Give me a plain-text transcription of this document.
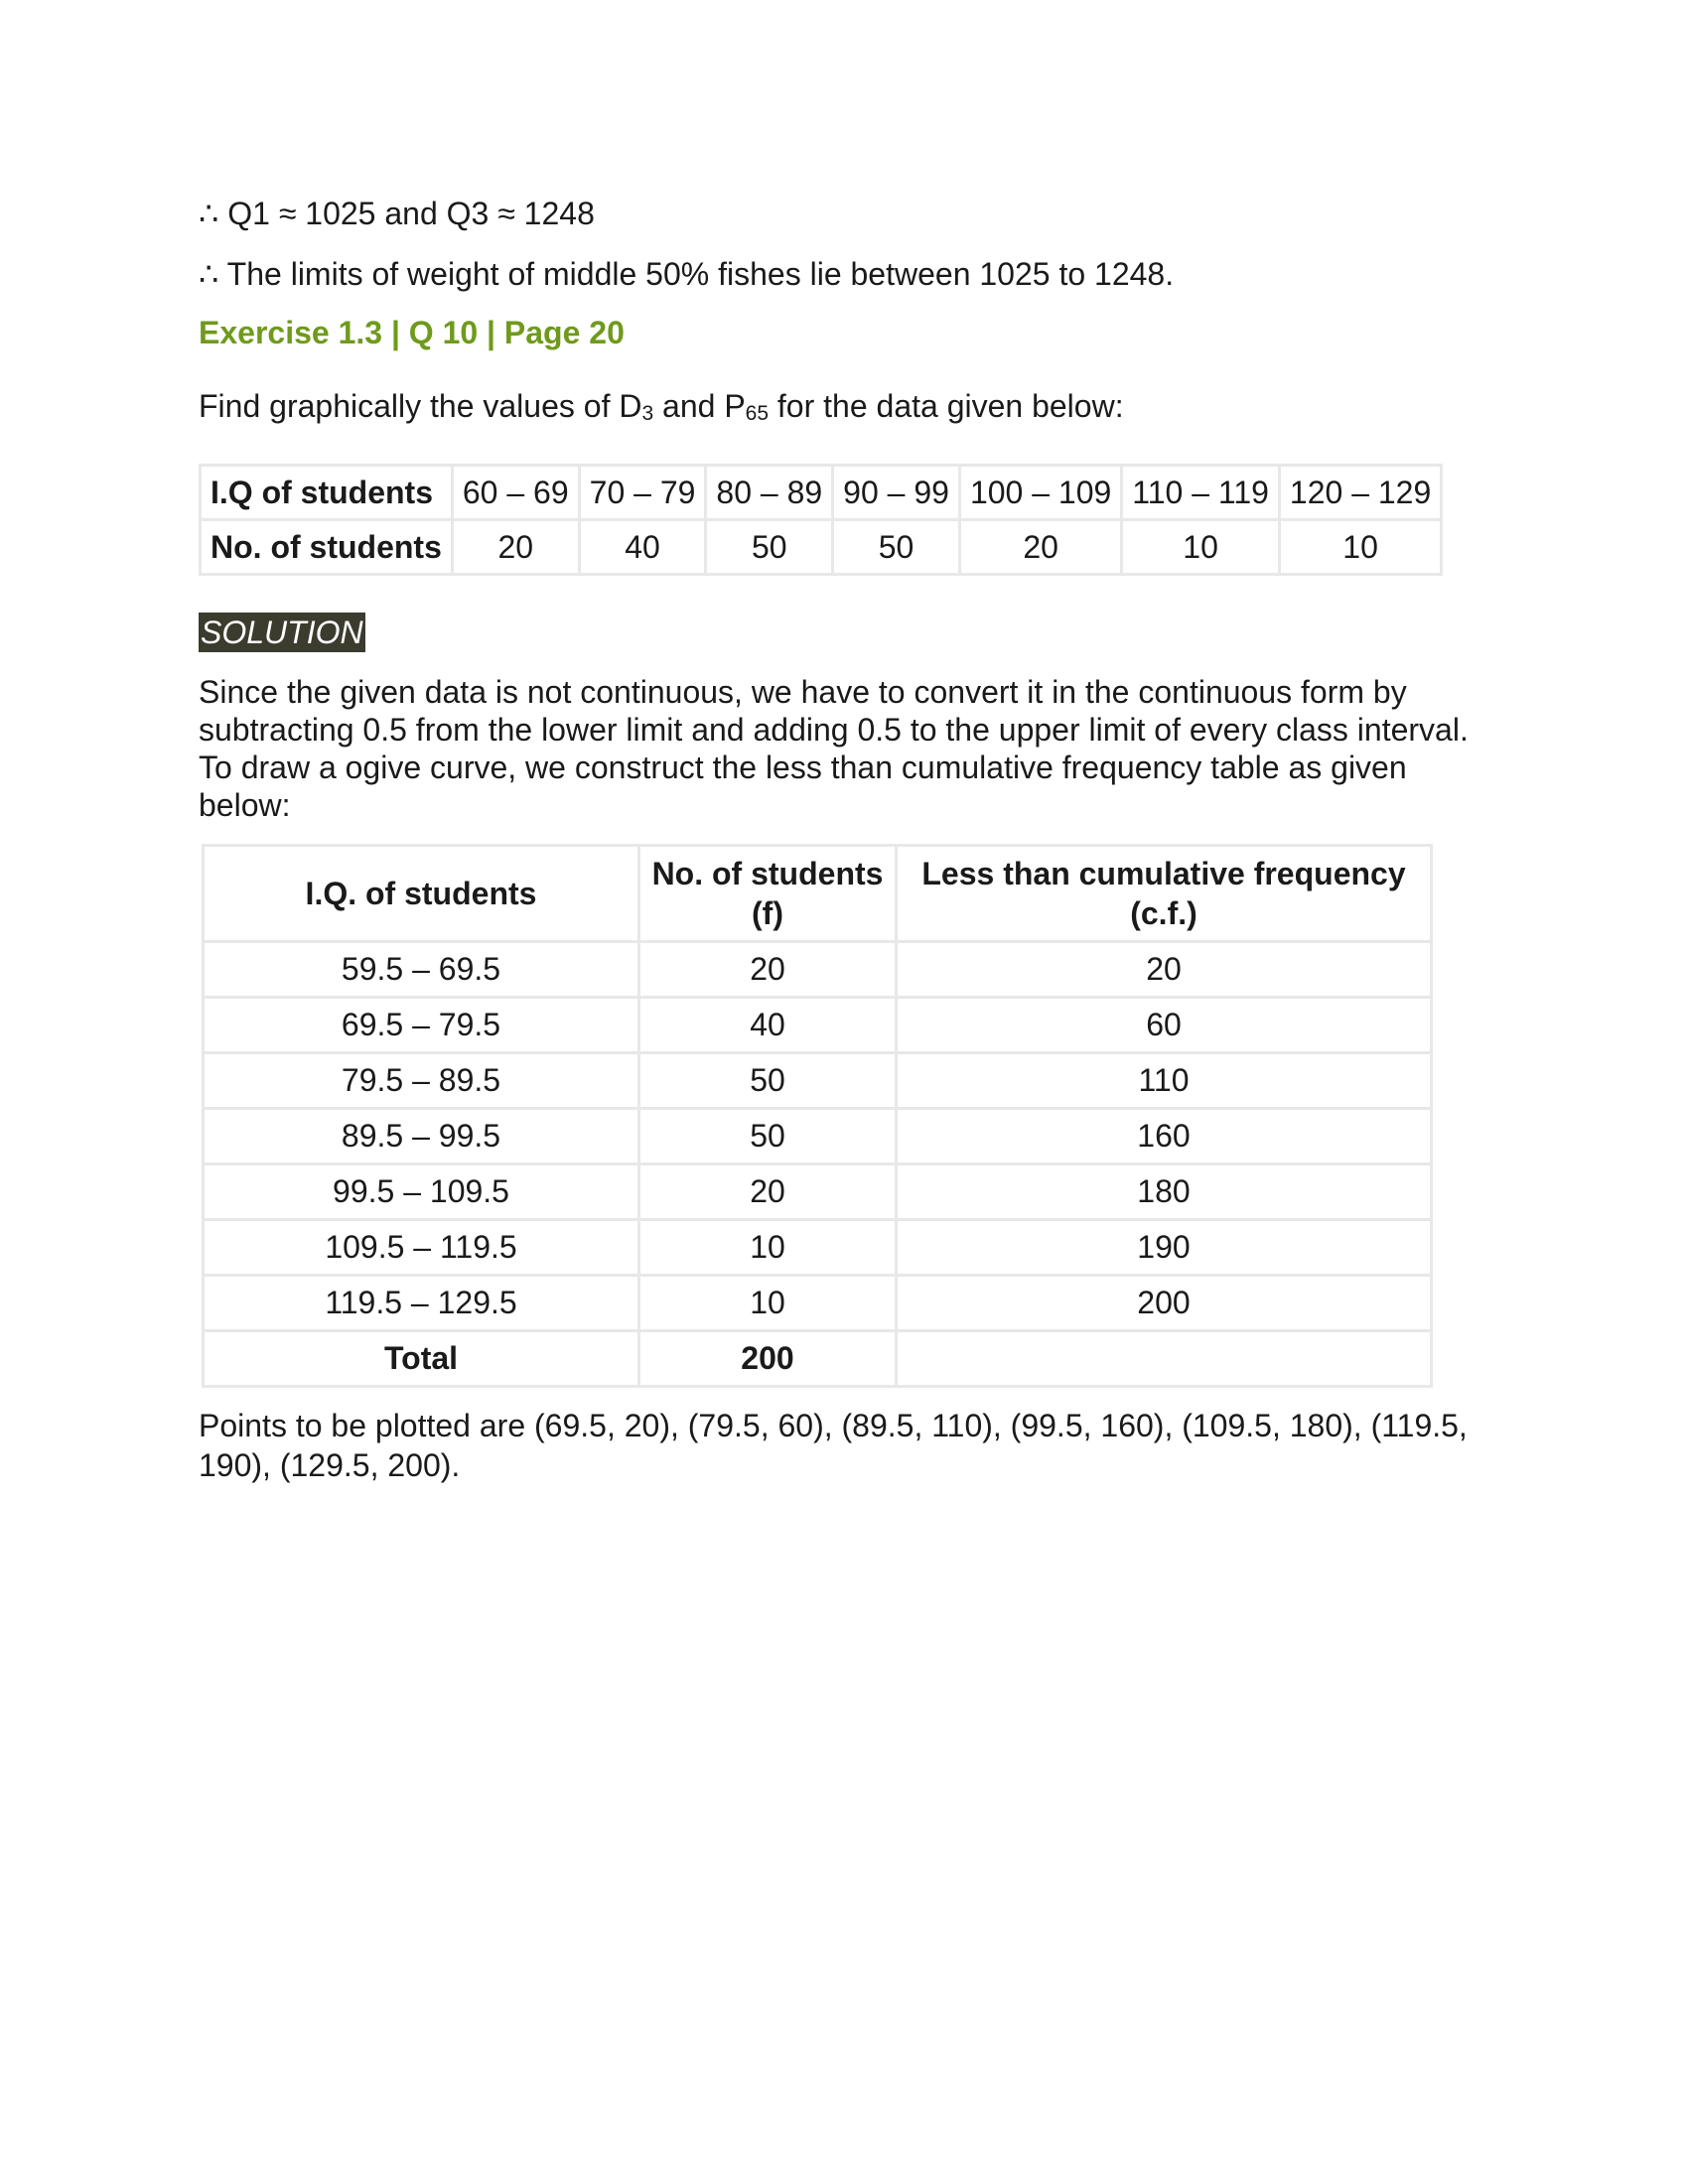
∴ Q1 ≈ 1025 and Q3 ≈ 1248

∴ The limits of weight of middle 50% fishes lie between 1025 to 1248.

Exercise 1.3 | Q 10 | Page 20

Find graphically the values of $D_3$ and $P_{65}$ for the data given below:

I.Q of students	60 – 69	70 – 79	80 – 89	90 – 99	100 – 109	110 – 119	120 – 129
No. of students	20	40	50	50	20	10	10
SOLUTION

Since the given data is not continuous, we have to convert it in the continuous form by subtracting 0.5 from the lower limit and adding 0.5 to the upper limit of every class interval. To draw a ogive curve, we construct the less than cumulative frequency table as given below:

I.Q. of students	No. of students (f)	Less than cumulative frequency (c.f.)
59.5 – 69.5	20	20
69.5 – 79.5	40	60
79.5 – 89.5	50	110
89.5 – 99.5	50	160
99.5 – 109.5	20	180
109.5 – 119.5	10	190
119.5 – 129.5	10	200
Total	200	

Points to be plotted are (69.5, 20), (79.5, 60), (89.5, 110), (99.5, 160), (109.5, 180), (119.5, 190), (129.5, 200).
